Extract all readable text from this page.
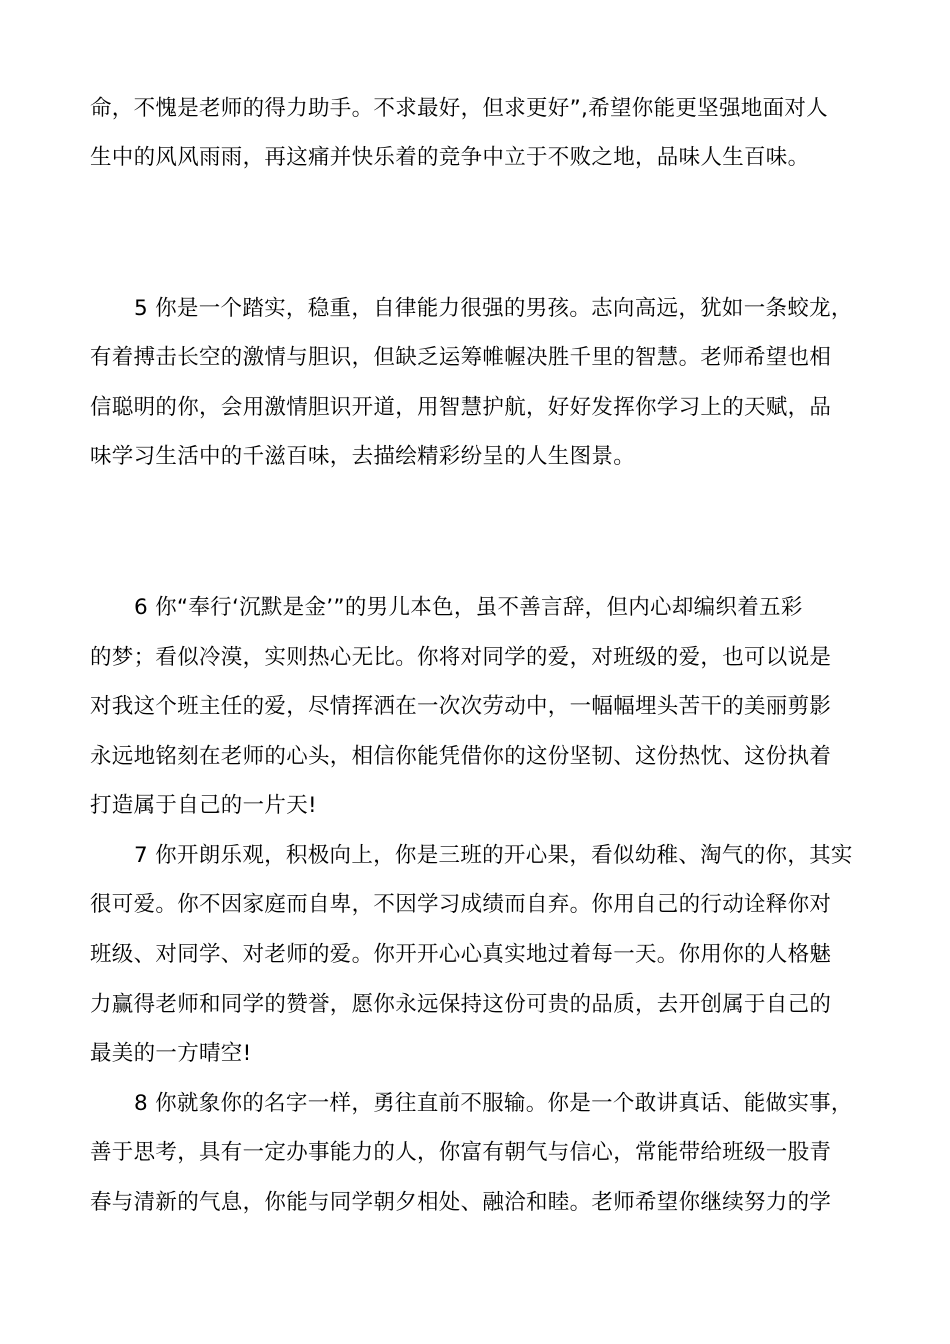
命，不愧是老师的得力助手。不求最好，但求更好”,希望你能更坚强地面对人
生中的风风雨雨，再这痛并快乐着的竞争中立于不败之地，品味人生百味。
5 你是一个踏实，稳重，自律能力很强的男孩。志向高远，犹如一条蛟龙，
有着搏击长空的激情与胆识，但缺乏运筹帷幄决胜千里的智慧。老师希望也相
信聪明的你，会用激情胆识开道，用智慧护航，好好发挥你学习上的天赋，品
味学习生活中的千滋百味，去描绘精彩纷呈的人生图景。
6 你“奉行‘沉默是金’”的男儿本色，虽不善言辞，但内心却编织着五彩
的梦；看似冷漠，实则热心无比。你将对同学的爱，对班级的爱，也可以说是
对我这个班主任的爱，尽情挥洒在一次次劳动中，一幅幅埋头苦干的美丽剪影
永远地铭刻在老师的心头，相信你能凭借你的这份坚韧、这份热忱、这份执着
打造属于自己的一片天!
7 你开朗乐观，积极向上，你是三班的开心果，看似幼稚、淘气的你，其实
很可爱。你不因家庭而自卑，不因学习成绩而自弃。你用自己的行动诠释你对
班级、对同学、对老师的爱。你开开心心真实地过着每一天。你用你的人格魅
力赢得老师和同学的赞誉，愿你永远保持这份可贵的品质，去开创属于自己的
最美的一方晴空!
8 你就象你的名字一样，勇往直前不服输。你是一个敢讲真话、能做实事，
善于思考，具有一定办事能力的人，你富有朝气与信心，常能带给班级一股青
春与清新的气息，你能与同学朝夕相处、融洽和睦。老师希望你继续努力的学
